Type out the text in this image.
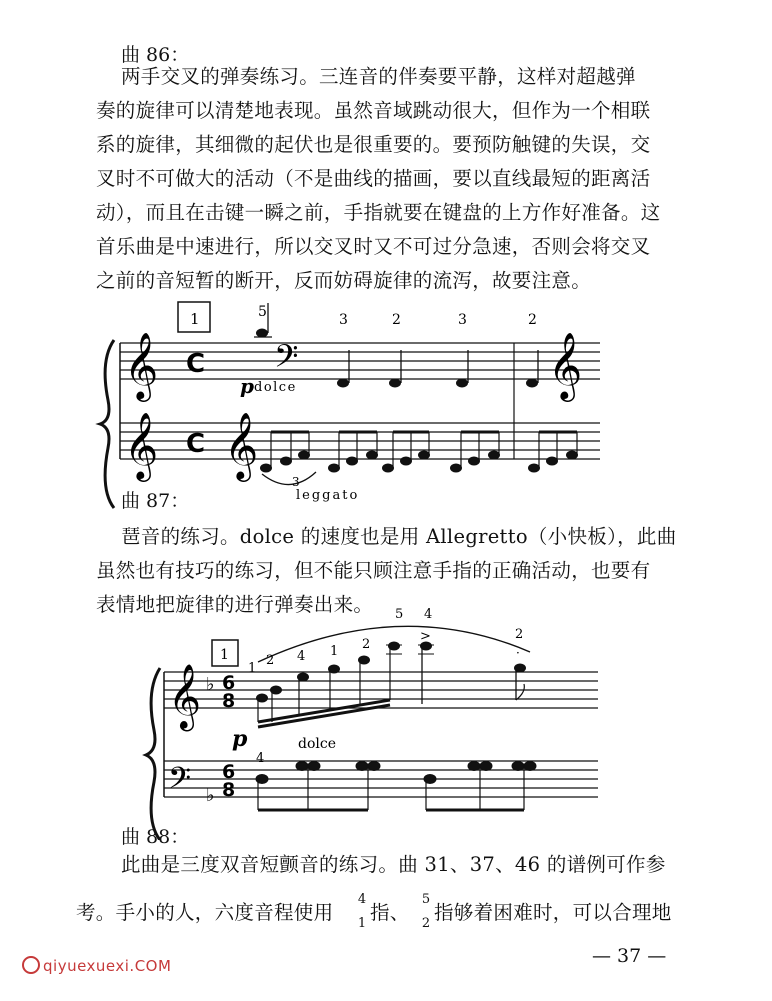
曲 86：
两手交叉的弹奏练习。三连音的伴奏要平静，这样对超越弹
奏的旋律可以清楚地表现。虽然音域跳动很大，但作为一个相联
系的旋律，其细微的起伏也是很重要的。要预防触键的失误，交
叉时不可做大的活动（不是曲线的描画，要以直线最短的距离活
动），而且在击键一瞬之前，手指就要在键盘的上方作好准备。这
首乐曲是中速进行，所以交叉时又不可过分急速，否则会将交叉
之前的音短暂的断开，反而妨碍旋律的流泻，故要注意。
𝄞
𝄞
𝄢
𝄞
𝄞
C
C
1	5	3	2	3	2
p dolce
3
leggato
曲 87：
琶音的练习。dolce 的速度也是用 Allegretto（小快板），此曲
虽然也有技巧的练习，但不能只顾注意手指的正确活动，也要有
表情地把旋律的进行弹奏出来。
𝄞
𝄢
♭
♭
6
8
6
8
1
>
·
1
2 4 1 2
5 4
2
p	dolce
4
曲 88：
此曲是三度双音短颤音的练习。曲 31、37、46 的谱例可作参
考。手小的人，六度音程使用
4
1 指、
5
2 指够着困难时，可以合理地
qiyuexuexi.COM	— 37 —
